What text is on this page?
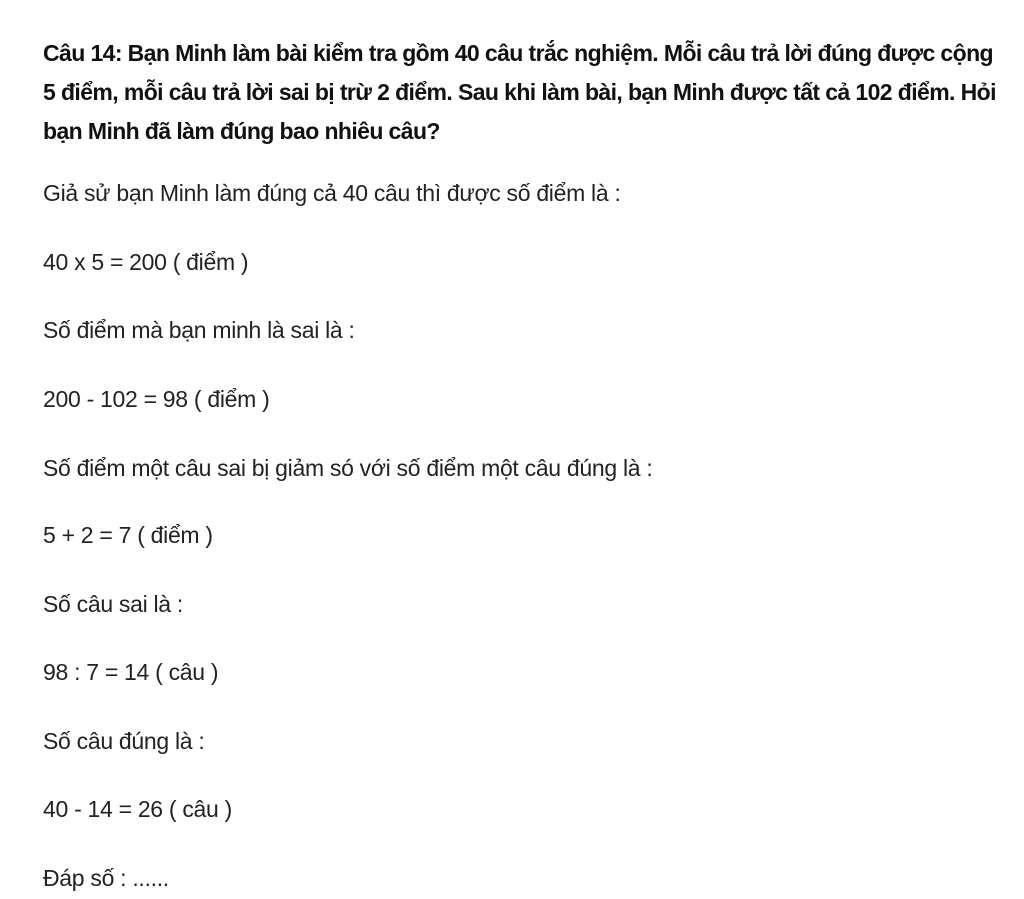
Câu 14: Bạn Minh làm bài kiểm tra gồm 40 câu trắc nghiệm. Mỗi câu trả lời đúng được cộng 5 điểm, mỗi câu trả lời sai bị trừ 2 điểm. Sau khi làm bài, bạn Minh được tất cả 102 điểm. Hỏi bạn Minh đã làm đúng bao nhiêu câu?
Giả sử bạn Minh làm đúng cả 40 câu thì được số điểm là :
40 x 5 = 200 ( điểm )
Số điểm mà bạn minh là sai là :
200 - 102 = 98 ( điểm )
Số điểm một câu sai bị giảm só với số điểm một câu đúng là :
5 + 2 = 7 ( điểm )
Số câu sai là :
98 : 7 = 14 ( câu )
Số câu đúng là :
40 - 14 = 26 ( câu )
Đáp số : ......
